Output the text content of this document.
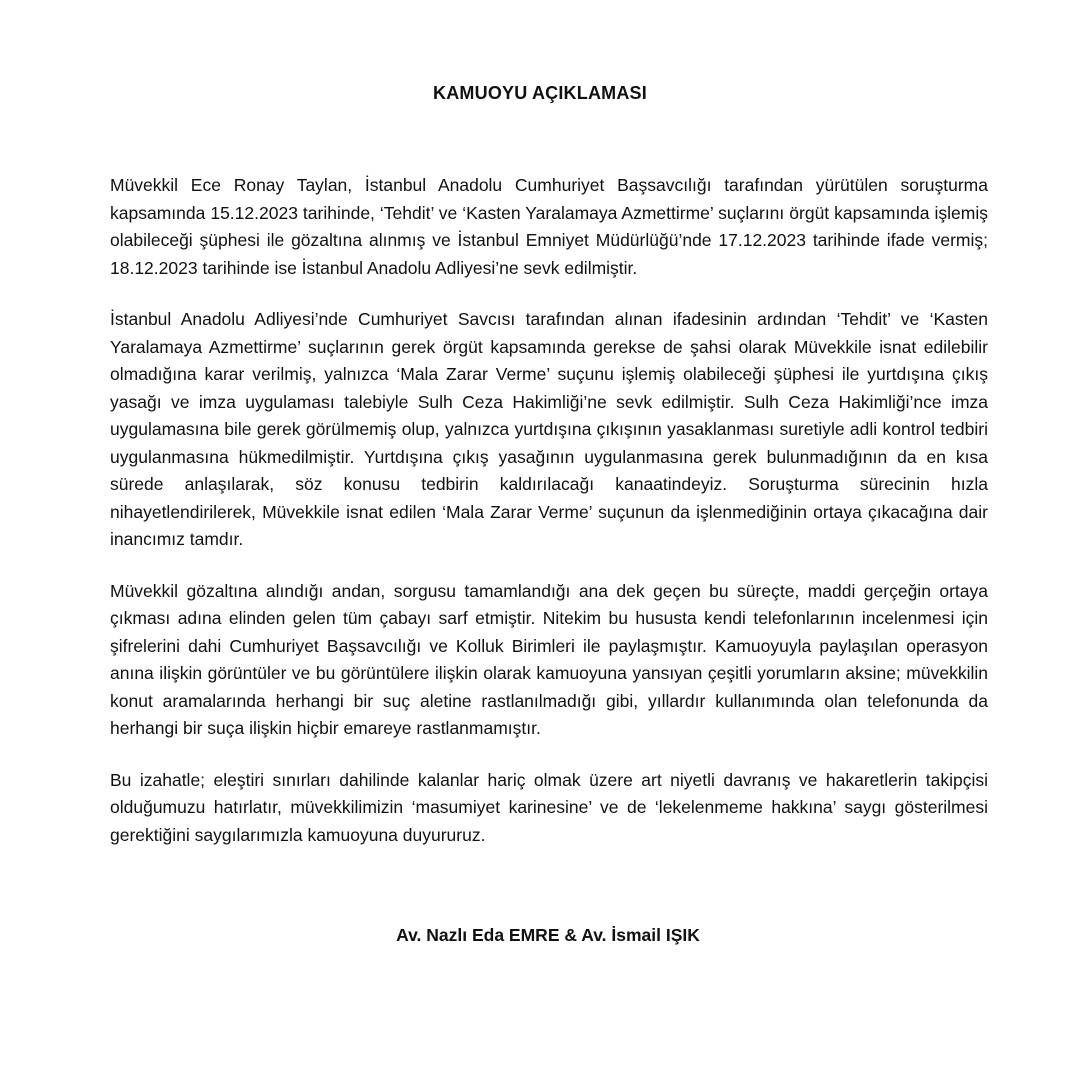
KAMUOYU AÇIKLAMASI

Müvekkil Ece Ronay Taylan, İstanbul Anadolu Cumhuriyet Başsavcılığı tarafından yürütülen soruşturma kapsamında 15.12.2023 tarihinde, ‘Tehdit’ ve ‘Kasten Yaralamaya Azmettirme’ suçlarını örgüt kapsamında işlemiş olabileceği şüphesi ile gözaltına alınmış ve İstanbul Emniyet Müdürlüğü’nde 17.12.2023 tarihinde ifade vermiş; 18.12.2023 tarihinde ise İstanbul Anadolu Adliyesi’ne sevk edilmiştir.

İstanbul Anadolu Adliyesi’nde Cumhuriyet Savcısı tarafından alınan ifadesinin ardından ‘Tehdit’ ve ‘Kasten Yaralamaya Azmettirme’ suçlarının gerek örgüt kapsamında gerekse de şahsi olarak Müvekkile isnat edilebilir olmadığına karar verilmiş, yalnızca ‘Mala Zarar Verme’ suçunu işlemiş olabileceği şüphesi ile yurtdışına çıkış yasağı ve imza uygulaması talebiyle Sulh Ceza Hakimliği’ne sevk edilmiştir. Sulh Ceza Hakimliği’nce imza uygulamasına bile gerek görülmemiş olup, yalnızca yurtdışına çıkışının yasaklanması suretiyle adli kontrol tedbiri uygulanmasına hükmedilmiştir. Yurtdışına çıkış yasağının uygulanmasına gerek bulunmadığının da en kısa sürede anlaşılarak, söz konusu tedbirin kaldırılacağı kanaatindeyiz. Soruşturma sürecinin hızla nihayetlendirilerek, Müvekkile isnat edilen ‘Mala Zarar Verme’ suçunun da işlenmediğinin ortaya çıkacağına dair inancımız tamdır.

Müvekkil gözaltına alındığı andan, sorgusu tamamlandığı ana dek geçen bu süreçte, maddi gerçeğin ortaya çıkması adına elinden gelen tüm çabayı sarf etmiştir. Nitekim bu hususta kendi telefonlarının incelenmesi için şifrelerini dahi Cumhuriyet Başsavcılığı ve Kolluk Birimleri ile paylaşmıştır. Kamuoyuyla paylaşılan operasyon anına ilişkin görüntüler ve bu görüntülere ilişkin olarak kamuoyuna yansıyan çeşitli yorumların aksine; müvekkilin konut aramalarında herhangi bir suç aletine rastlanılmadığı gibi, yıllardır kullanımında olan telefonunda da herhangi bir suça ilişkin hiçbir emareye rastlanmamıştır.

Bu izahatle; eleştiri sınırları dahilinde kalanlar hariç olmak üzere art niyetli davranış ve hakaretlerin takipçisi olduğumuzu hatırlatır, müvekkilimizin ‘masumiyet karinesine’ ve de ‘lekelenmeme hakkına’ saygı gösterilmesi gerektiğini saygılarımızla kamuoyuna duyururuz.

Av. Nazlı Eda EMRE & Av. İsmail IŞIK
